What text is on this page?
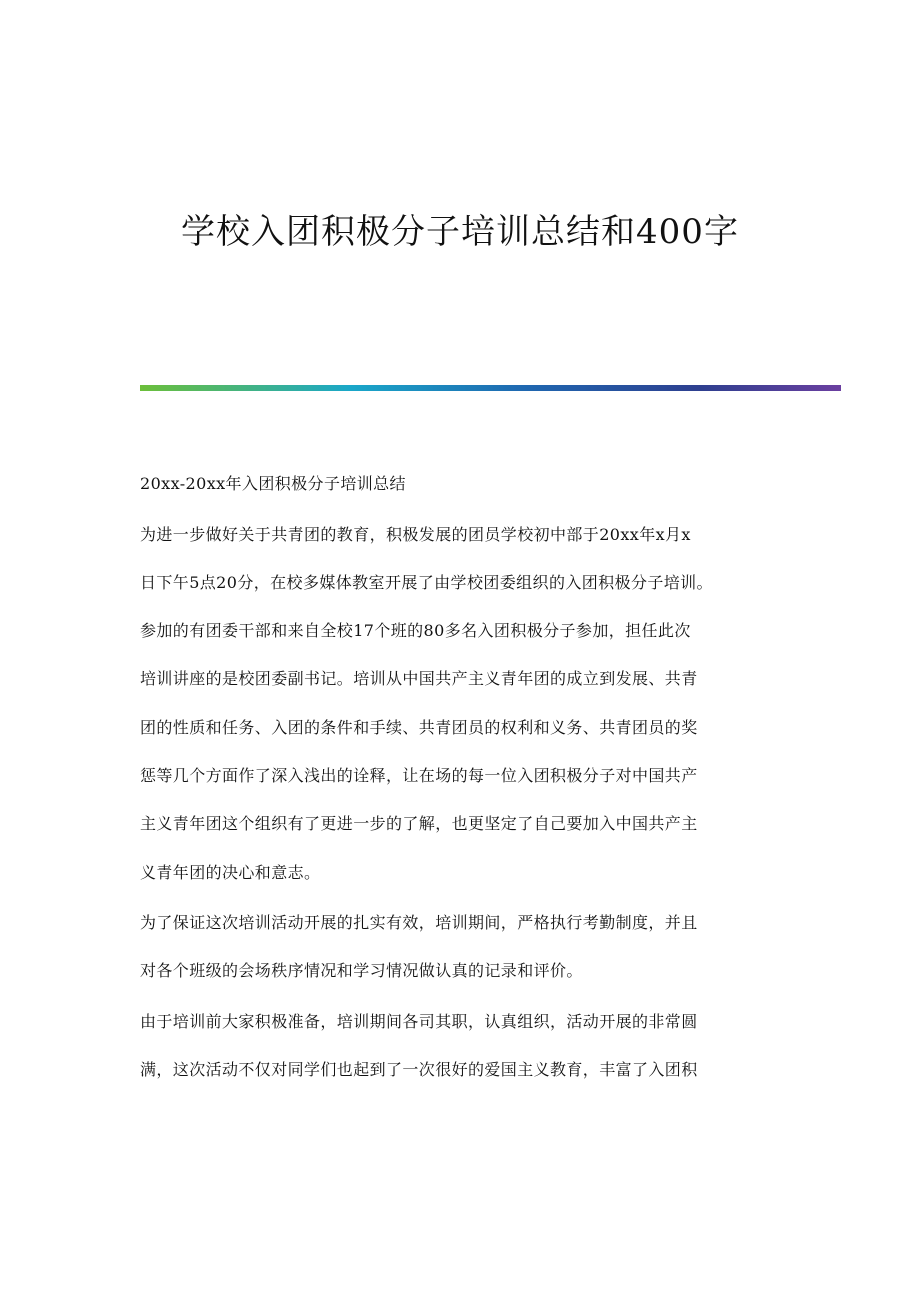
学校入团积极分子培训总结和400字
20xx-20xx年入团积极分子培训总结
为进一步做好关于共青团的教育，积极发展的团员学校初中部于20xx年x月x
日下午5点20分，在校多媒体教室开展了由学校团委组织的入团积极分子培训。
参加的有团委干部和来自全校17个班的80多名入团积极分子参加，担任此次
培训讲座的是校团委副书记。培训从中国共产主义青年团的成立到发展、共青
团的性质和任务、入团的条件和手续、共青团员的权利和义务、共青团员的奖
惩等几个方面作了深入浅出的诠释，让在场的每一位入团积极分子对中国共产
主义青年团这个组织有了更进一步的了解，也更坚定了自己要加入中国共产主
义青年团的决心和意志。
为了保证这次培训活动开展的扎实有效，培训期间，严格执行考勤制度，并且
对各个班级的会场秩序情况和学习情况做认真的记录和评价。
由于培训前大家积极准备，培训期间各司其职，认真组织，活动开展的非常圆
满，这次活动不仅对同学们也起到了一次很好的爱国主义教育，丰富了入团积
